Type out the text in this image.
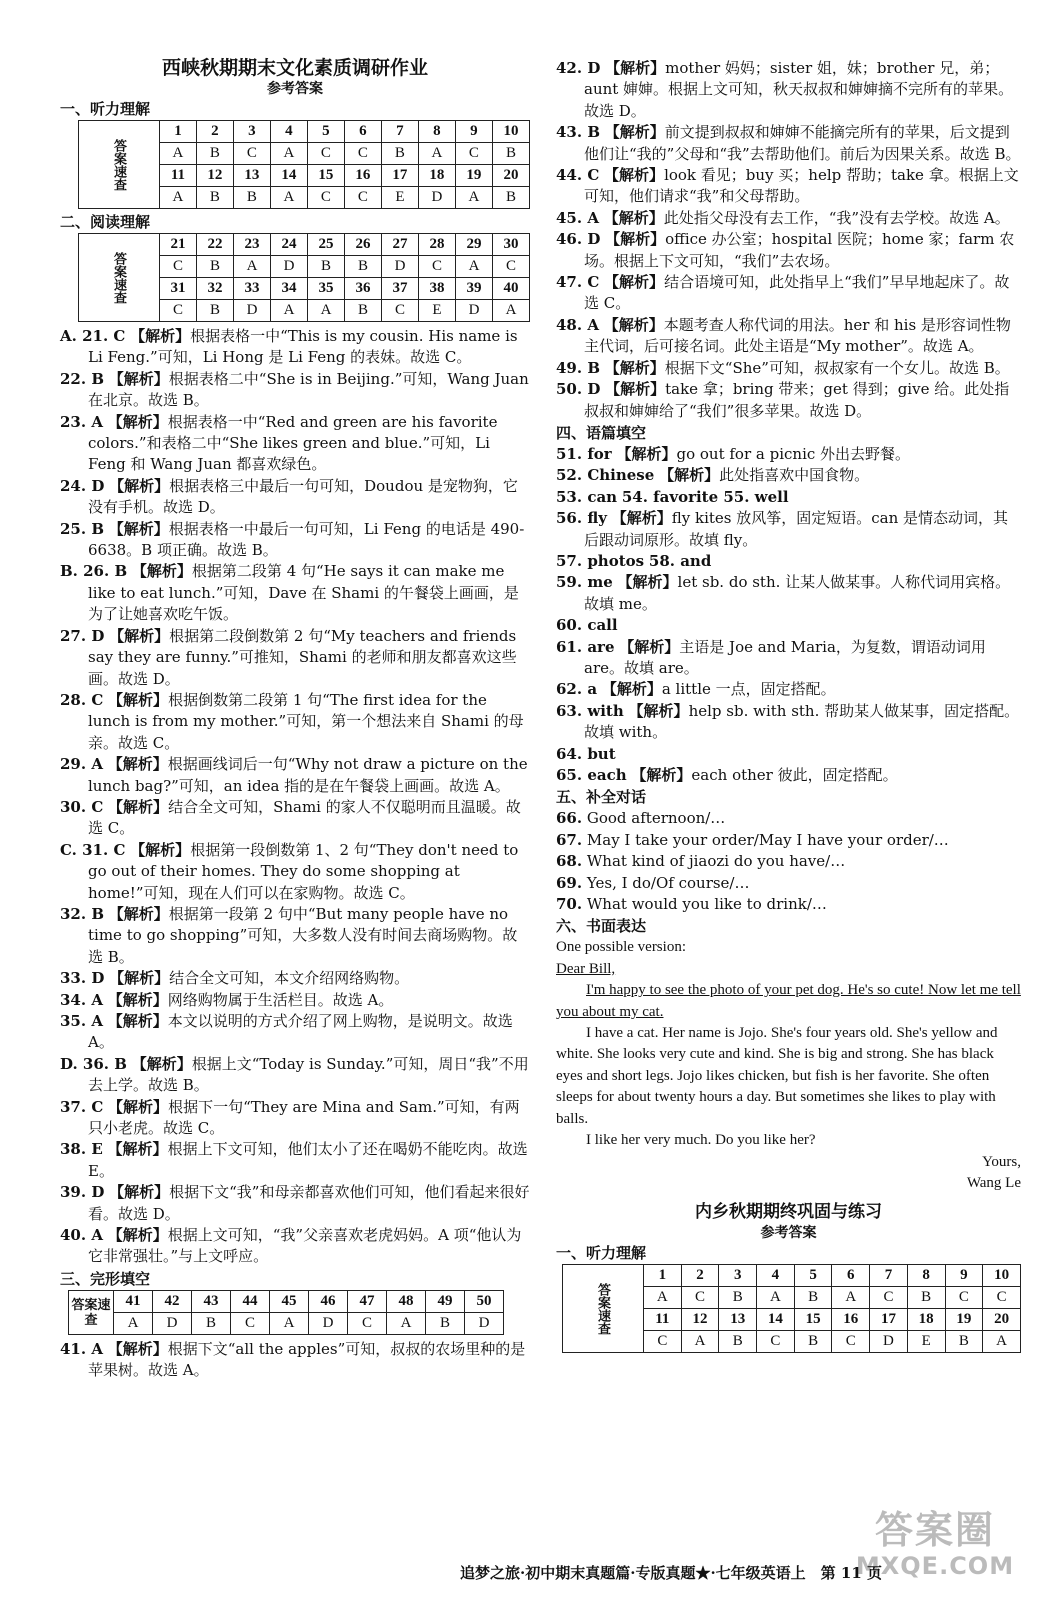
西峡秋期期末文化素质调研作业
参考答案
一、听力理解
答案速查	1	2	3	4	5	6	7	8	9	10
	A	B	C	A	C	C	B	A	C	B
	11	12	13	14	15	16	17	18	19	20
	A	B	B	A	C	C	E	D	A	B
二、阅读理解
答案速查	21	22	23	24	25	26	27	28	29	30
	C	B	A	D	B	B	D	C	A	C
	31	32	33	34	35	36	37	38	39	40
	C	B	D	A	A	B	C	E	D	A
A. 21. C 【解析】根据表格一中“This is my cousin. His name is Li Feng.”可知，Li Hong 是 Li Feng 的表妹。故选 C。
22. B 【解析】根据表格二中“She is in Beijing.”可知，Wang Juan 在北京。故选 B。
23. A 【解析】根据表格一中“Red and green are his favorite colors.”和表格二中“She likes green and blue.”可知，Li Feng 和 Wang Juan 都喜欢绿色。
24. D 【解析】根据表格三中最后一句可知，Doudou 是宠物狗，它没有手机。故选 D。
25. B 【解析】根据表格一中最后一句可知，Li Feng 的电话是 490-6638。B 项正确。故选 B。
B. 26. B 【解析】根据第二段第 4 句“He says it can make me like to eat lunch.”可知，Dave 在 Shami 的午餐袋上画画，是为了让她喜欢吃午饭。
27. D 【解析】根据第二段倒数第 2 句“My teachers and friends say they are funny.”可推知，Shami 的老师和朋友都喜欢这些画。故选 D。
28. C 【解析】根据倒数第二段第 1 句“The first idea for the lunch is from my mother.”可知，第一个想法来自 Shami 的母亲。故选 C。
29. A 【解析】根据画线词后一句“Why not draw a picture on the lunch bag?”可知，an idea 指的是在午餐袋上画画。故选 A。
30. C 【解析】结合全文可知，Shami 的家人不仅聪明而且温暖。故选 C。
C. 31. C 【解析】根据第一段倒数第 1、2 句“They don't need to go out of their homes. They do some shopping at home!”可知，现在人们可以在家购物。故选 C。
32. B 【解析】根据第一段第 2 句中“But many people have no time to go shopping”可知，大多数人没有时间去商场购物。故选 B。
33. D 【解析】结合全文可知，本文介绍网络购物。
34. A 【解析】网络购物属于生活栏目。故选 A。
35. A 【解析】本文以说明的方式介绍了网上购物，是说明文。故选 A。
D. 36. B 【解析】根据上文“Today is Sunday.”可知，周日“我”不用去上学。故选 B。
37. C 【解析】根据下一句“They are Mina and Sam.”可知，有两只小老虎。故选 C。
38. E 【解析】根据上下文可知，他们太小了还在喝奶不能吃肉。故选 E。
39. D 【解析】根据下文“我”和母亲都喜欢他们可知，他们看起来很好看。故选 D。
40. A 【解析】根据上文可知，“我”父亲喜欢老虎妈妈。A 项“他认为它非常强壮。”与上文呼应。
三、完形填空
答案速查	41	42	43	44	45	46	47	48	49	50
	A	D	B	C	A	D	C	A	B	D
41. A 【解析】根据下文“all the apples”可知，叔叔的农场里种的是苹果树。故选 A。
42. D 【解析】mother 妈妈；sister 姐，妹；brother 兄，弟；aunt 婶婶。根据上文可知，秋天叔叔和婶婶摘不完所有的苹果。故选 D。
43. B 【解析】前文提到叔叔和婶婶不能摘完所有的苹果，后文提到他们让“我的”父母和“我”去帮助他们。前后为因果关系。故选 B。
44. C 【解析】look 看见；buy 买；help 帮助；take 拿。根据上文可知，他们请求“我”和父母帮助。
45. A 【解析】此处指父母没有去工作，“我”没有去学校。故选 A。
46. D 【解析】office 办公室；hospital 医院；home 家；farm 农场。根据上下文可知，“我们”去农场。
47. C 【解析】结合语境可知，此处指早上“我们”早早地起床了。故选 C。
48. A 【解析】本题考查人称代词的用法。her 和 his 是形容词性物主代词，后可接名词。此处主语是“My mother”。故选 A。
49. B 【解析】根据下文“She”可知，叔叔家有一个女儿。故选 B。
50. D 【解析】take 拿；bring 带来；get 得到；give 给。此处指叔叔和婶婶给了“我们”很多苹果。故选 D。
四、语篇填空
51. for 【解析】go out for a picnic 外出去野餐。
52. Chinese 【解析】此处指喜欢中国食物。
53. can 54. favorite 55. well
56. fly 【解析】fly kites 放风筝，固定短语。can 是情态动词，其后跟动词原形。故填 fly。
57. photos 58. and
59. me 【解析】let sb. do sth. 让某人做某事。人称代词用宾格。故填 me。
60. call
61. are 【解析】主语是 Joe and Maria，为复数，谓语动词用 are。故填 are。
62. a 【解析】a little 一点，固定搭配。
63. with 【解析】help sb. with sth. 帮助某人做某事，固定搭配。故填 with。
64. but
65. each 【解析】each other 彼此，固定搭配。
五、补全对话
66. Good afternoon/…
67. May I take your order/May I have your order/…
68. What kind of jiaozi do you have/…
69. Yes, I do/Of course/…
70. What would you like to drink/…
六、书面表达
One possible version:
Dear Bill,
I'm happy to see the photo of your pet dog. He's so cute! Now let me tell you about my cat.
I have a cat. Her name is Jojo. She's four years old. She's yellow and white. She looks very cute and kind. She is big and strong. She has black eyes and short legs. Jojo likes chicken, but fish is her favorite. She often sleeps for about twenty hours a day. But sometimes she likes to play with balls.
I like her very much. Do you like her?
Yours,
Wang Le
内乡秋期期终巩固与练习
参考答案
一、听力理解
答案速查	1	2	3	4	5	6	7	8	9	10
	A	C	B	A	B	A	C	B	C	C
	11	12	13	14	15	16	17	18	19	20
	C	A	B	C	B	C	D	E	B	A
答案圈
MXQE.COM
追梦之旅·初中期末真题篇·专版真题★·七年级英语上　第 11 页
